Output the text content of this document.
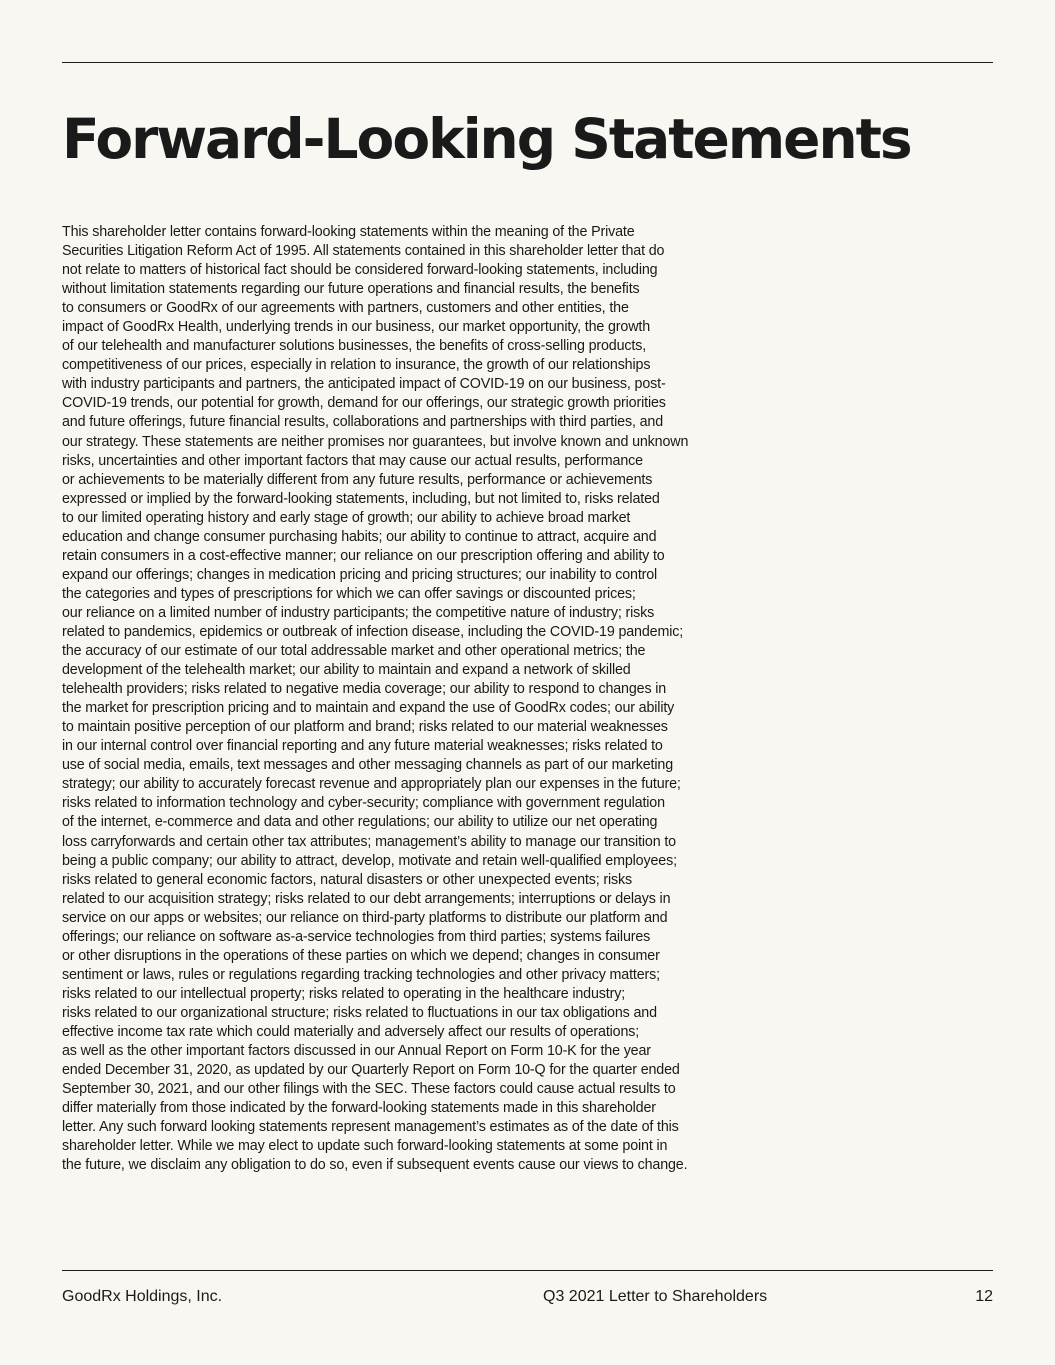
Forward-Looking Statements
This shareholder letter contains forward-looking statements within the meaning of the Private
Securities Litigation Reform Act of 1995. All statements contained in this shareholder letter that do
not relate to matters of historical fact should be considered forward-looking statements, including
without limitation statements regarding our future operations and financial results, the benefits
to consumers or GoodRx of our agreements with partners, customers and other entities, the
impact of GoodRx Health, underlying trends in our business, our market opportunity, the growth
of our telehealth and manufacturer solutions businesses, the benefits of cross-selling products,
competitiveness of our prices, especially in relation to insurance, the growth of our relationships
with industry participants and partners, the anticipated impact of COVID-19 on our business, post-
COVID-19 trends, our potential for growth, demand for our offerings, our strategic growth priorities
and future offerings, future financial results, collaborations and partnerships with third parties, and
our strategy. These statements are neither promises nor guarantees, but involve known and unknown
risks, uncertainties and other important factors that may cause our actual results, performance
or achievements to be materially different from any future results, performance or achievements
expressed or implied by the forward-looking statements, including, but not limited to, risks related
to our limited operating history and early stage of growth; our ability to achieve broad market
education and change consumer purchasing habits; our ability to continue to attract, acquire and
retain consumers in a cost-effective manner; our reliance on our prescription offering and ability to
expand our offerings; changes in medication pricing and pricing structures; our inability to control
the categories and types of prescriptions for which we can offer savings or discounted prices;
our reliance on a limited number of industry participants; the competitive nature of industry; risks
related to pandemics, epidemics or outbreak of infection disease, including the COVID-19 pandemic;
the accuracy of our estimate of our total addressable market and other operational metrics; the
development of the telehealth market; our ability to maintain and expand a network of skilled
telehealth providers; risks related to negative media coverage; our ability to respond to changes in
the market for prescription pricing and to maintain and expand the use of GoodRx codes; our ability
to maintain positive perception of our platform and brand; risks related to our material weaknesses
in our internal control over financial reporting and any future material weaknesses; risks related to
use of social media, emails, text messages and other messaging channels as part of our marketing
strategy; our ability to accurately forecast revenue and appropriately plan our expenses in the future;
risks related to information technology and cyber-security; compliance with government regulation
of the internet, e-commerce and data and other regulations; our ability to utilize our net operating
loss carryforwards and certain other tax attributes; management’s ability to manage our transition to
being a public company; our ability to attract, develop, motivate and retain well-qualified employees;
risks related to general economic factors, natural disasters or other unexpected events; risks
related to our acquisition strategy; risks related to our debt arrangements; interruptions or delays in
service on our apps or websites; our reliance on third-party platforms to distribute our platform and
offerings; our reliance on software as-a-service technologies from third parties; systems failures
or other disruptions in the operations of these parties on which we depend; changes in consumer
sentiment or laws, rules or regulations regarding tracking technologies and other privacy matters;
risks related to our intellectual property; risks related to operating in the healthcare industry;
risks related to our organizational structure; risks related to fluctuations in our tax obligations and
effective income tax rate which could materially and adversely affect our results of operations;
as well as the other important factors discussed in our Annual Report on Form 10-K for the year
ended December 31, 2020, as updated by our Quarterly Report on Form 10-Q for the quarter ended
September 30, 2021, and our other filings with the SEC. These factors could cause actual results to
differ materially from those indicated by the forward-looking statements made in this shareholder
letter. Any such forward looking statements represent management’s estimates as of the date of this
shareholder letter. While we may elect to update such forward-looking statements at some point in
the future, we disclaim any obligation to do so, even if subsequent events cause our views to change.
GoodRx Holdings, Inc.	Q3 2021 Letter to Shareholders	12
